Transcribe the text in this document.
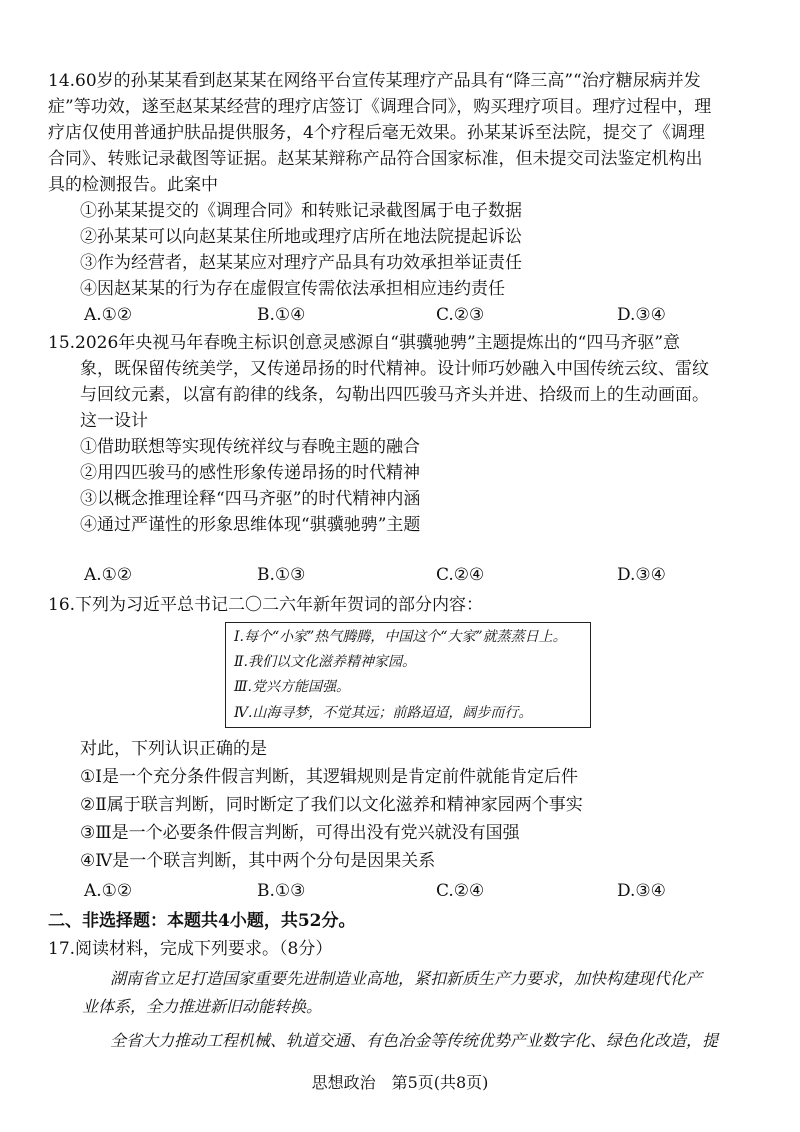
14.60岁的孙某某看到赵某某在网络平台宣传某理疗产品具有“降三高”“治疗糖尿病并发
症”等功效，遂至赵某某经营的理疗店签订《调理合同》，购买理疗项目。理疗过程中，理
疗店仅使用普通护肤品提供服务，4个疗程后毫无效果。孙某某诉至法院，提交了《调理
合同》、转账记录截图等证据。赵某某辩称产品符合国家标准，但未提交司法鉴定机构出
具的检测报告。此案中
①孙某某提交的《调理合同》和转账记录截图属于电子数据
②孙某某可以向赵某某住所地或理疗店所在地法院提起诉讼
③作为经营者，赵某某应对理疗产品具有功效承担举证责任
④因赵某某的行为存在虚假宣传需依法承担相应违约责任
A.①②	B.①④	C.②③	D.③④
15.2026年央视马年春晚主标识创意灵感源自“骐骥驰骋”主题提炼出的“四马齐驱”意
象，既保留传统美学，又传递昂扬的时代精神。设计师巧妙融入中国传统云纹、雷纹
与回纹元素，以富有韵律的线条，勾勒出四匹骏马齐头并进、拾级而上的生动画面。
这一设计
①借助联想等实现传统祥纹与春晚主题的融合
②用四匹骏马的感性形象传递昂扬的时代精神
③以概念推理诠释“四马齐驱”的时代精神内涵
④通过严谨性的形象思维体现“骐骥驰骋”主题
A.①②	B.①③	C.②④	D.③④
16.下列为习近平总书记二〇二六年新年贺词的部分内容：
Ⅰ.每个“小家”热气腾腾，中国这个“大家”就蒸蒸日上。
Ⅱ.我们以文化滋养精神家园。
Ⅲ.党兴方能国强。
Ⅳ.山海寻梦，不觉其远；前路迢迢，阔步而行。
对此，下列认识正确的是
①Ⅰ是一个充分条件假言判断，其逻辑规则是肯定前件就能肯定后件
②Ⅱ属于联言判断，同时断定了我们以文化滋养和精神家园两个事实
③Ⅲ是一个必要条件假言判断，可得出没有党兴就没有国强
④Ⅳ是一个联言判断，其中两个分句是因果关系
A.①②	B.①③	C.②④	D.③④
二、非选择题：本题共4小题，共52分。
17.阅读材料，完成下列要求。（8分）
湖南省立足打造国家重要先进制造业高地，紧扣新质生产力要求，加快构建现代化产
业体系，全力推进新旧动能转换。
全省大力推动工程机械、轨道交通、有色冶金等传统优势产业数字化、绿色化改造，提
思想政治　第5页(共8页)
